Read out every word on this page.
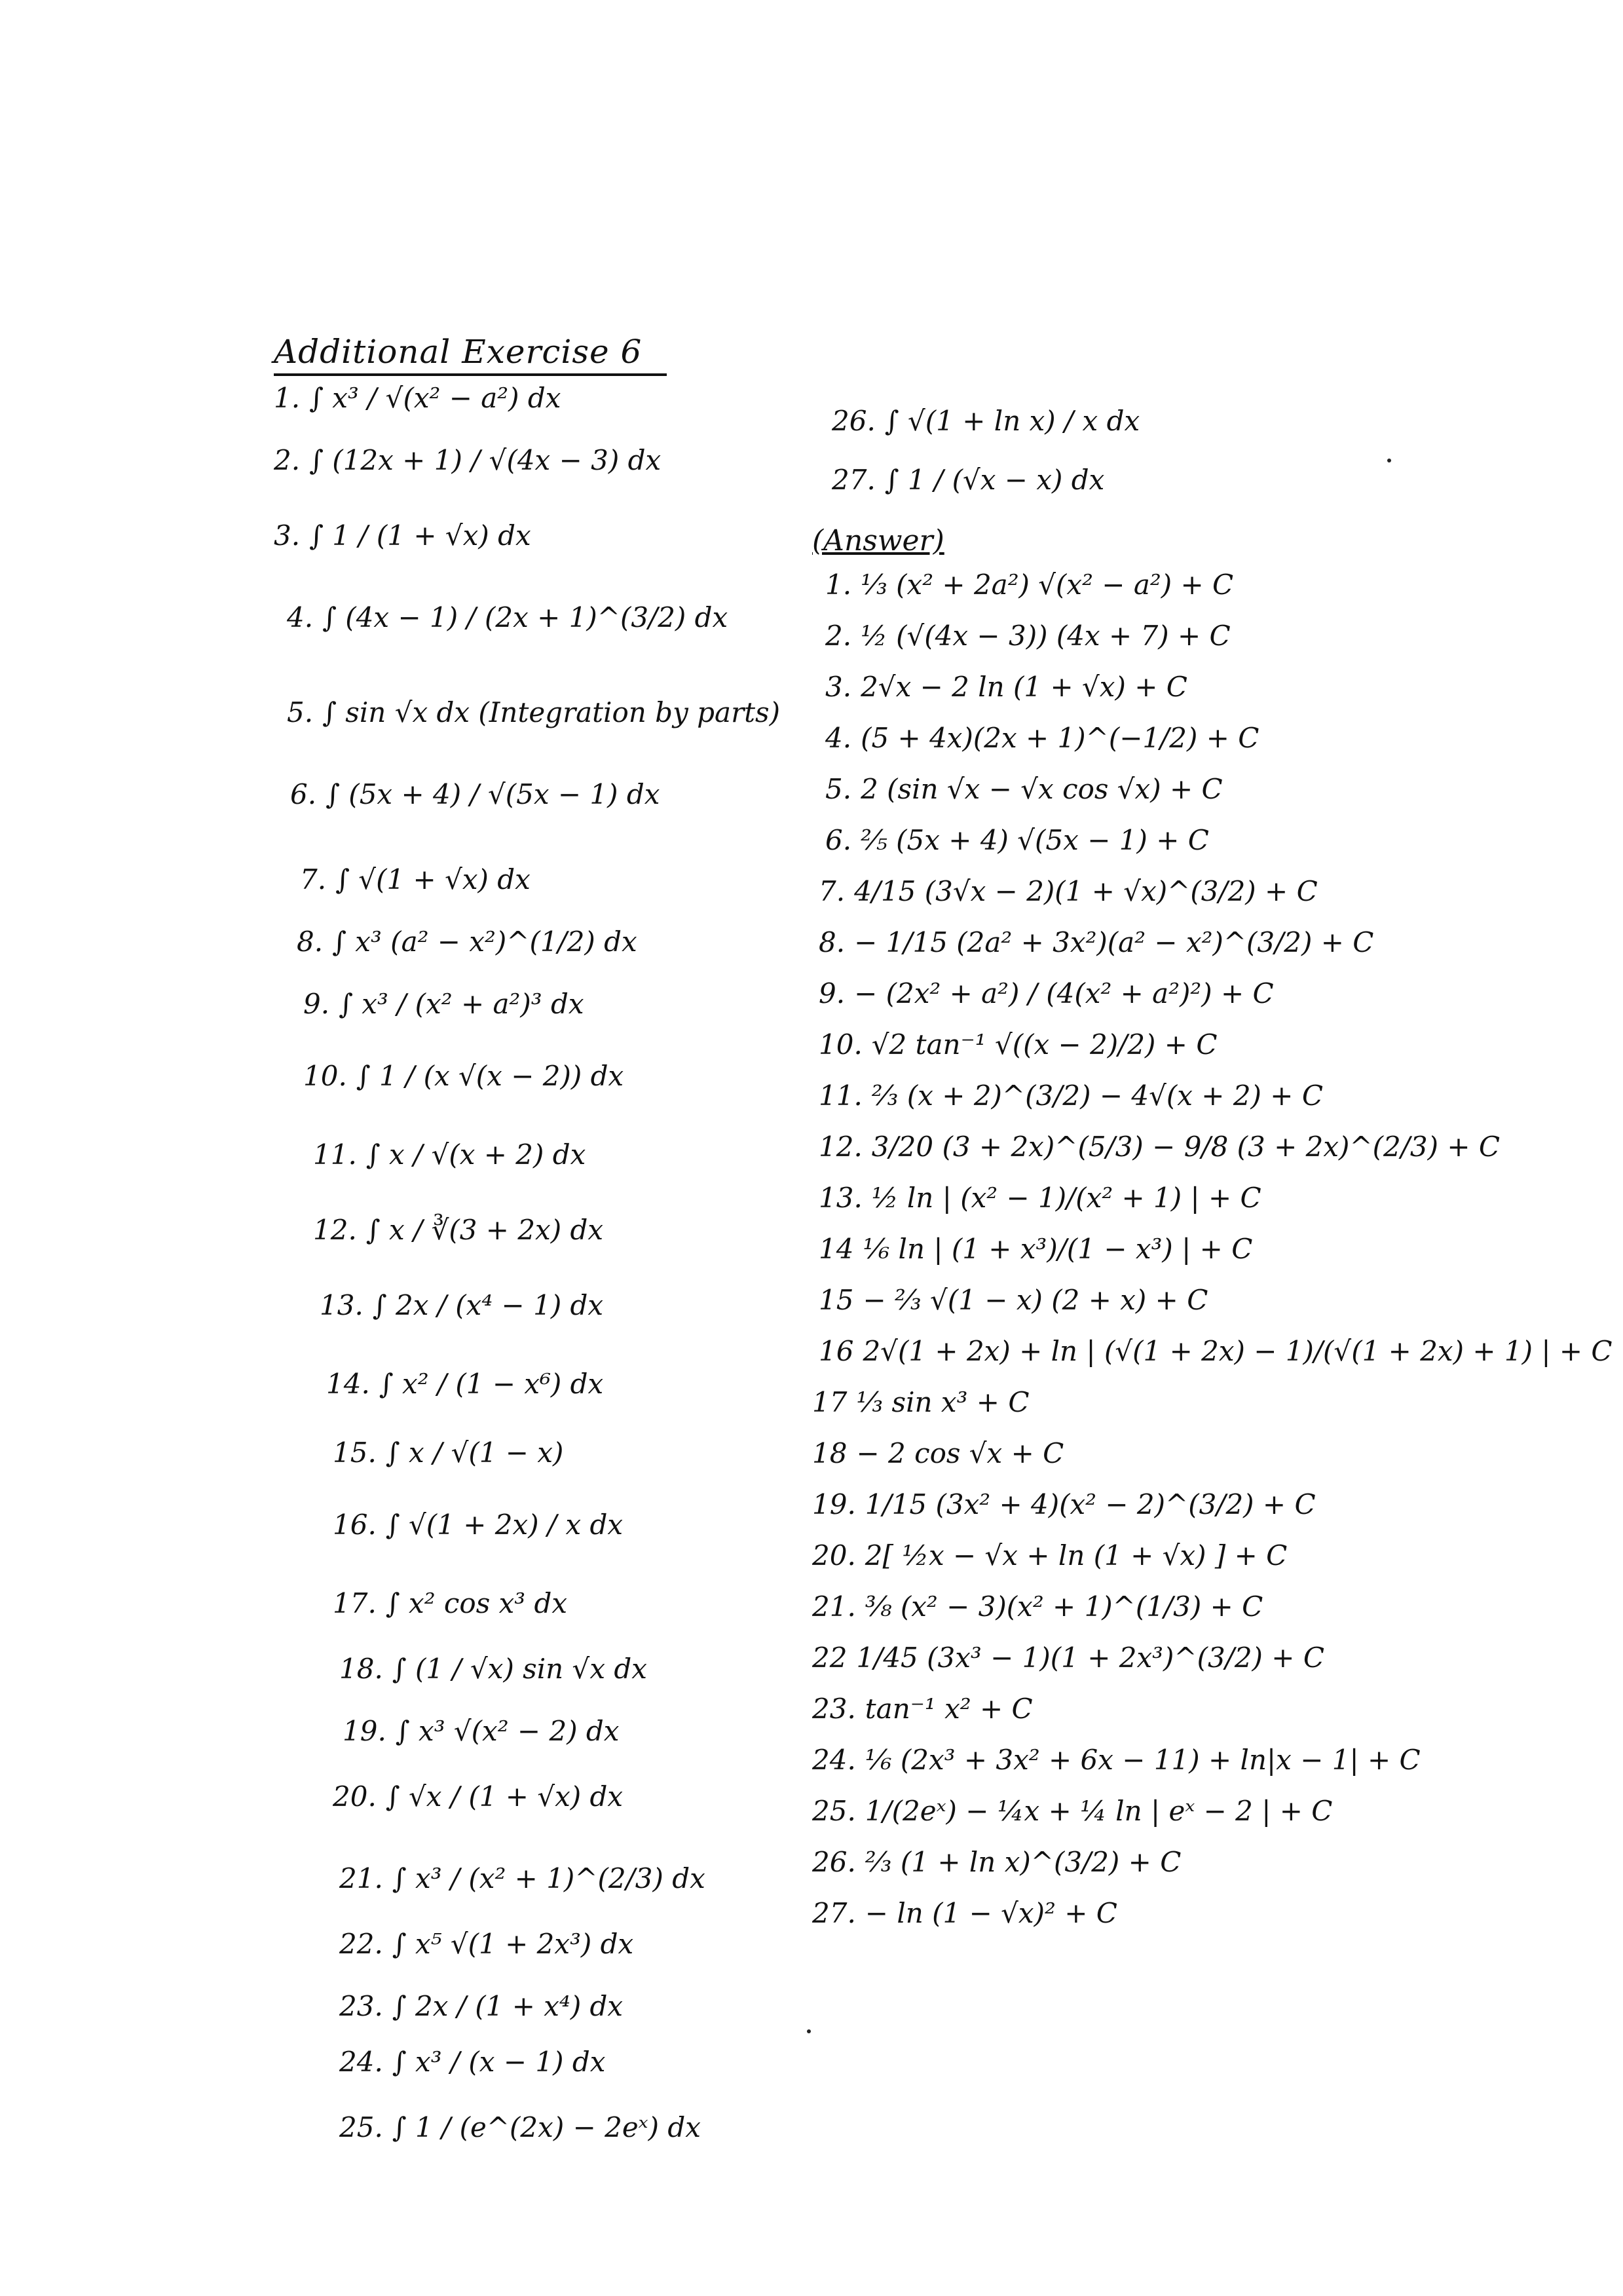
Additional Exercise 6
1. ∫ x³ / √(x² − a²) dx
2. ∫ (12x + 1) / √(4x − 3) dx
3. ∫ 1 / (1 + √x) dx
4. ∫ (4x − 1) / (2x + 1)^(3/2) dx
5. ∫ sin √x dx (Integration by parts)
6. ∫ (5x + 4) / √(5x − 1) dx
7. ∫ √(1 + √x) dx
8. ∫ x³ (a² − x²)^(1/2) dx
9. ∫ x³ / (x² + a²)³ dx
10. ∫ 1 / (x √(x − 2)) dx
11. ∫ x / √(x + 2) dx
12. ∫ x / ∛(3 + 2x) dx
13. ∫ 2x / (x⁴ − 1) dx
14. ∫ x² / (1 − x⁶) dx
15. ∫ x / √(1 − x)
16. ∫ √(1 + 2x) / x dx
17. ∫ x² cos x³ dx
18. ∫ (1 / √x) sin √x dx
19. ∫ x³ √(x² − 2) dx
20. ∫ √x / (1 + √x) dx
21. ∫ x³ / (x² + 1)^(2/3) dx
22. ∫ x⁵ √(1 + 2x³) dx
23. ∫ 2x / (1 + x⁴) dx
24. ∫ x³ / (x − 1) dx
25. ∫ 1 / (e^(2x) − 2eˣ) dx
(Answer)
26. ∫ √(1 + ln x) / x dx
27. ∫ 1 / (√x − x) dx
1. ⅓ (x² + 2a²) √(x² − a²) + C
2. ½ (√(4x − 3)) (4x + 7) + C
3. 2√x − 2 ln (1 + √x) + C
4. (5 + 4x)(2x + 1)^(−1/2) + C
5. 2 (sin √x − √x cos √x) + C
6. ⅖ (5x + 4) √(5x − 1) + C
7. 4/15 (3√x − 2)(1 + √x)^(3/2) + C
8. − 1/15 (2a² + 3x²)(a² − x²)^(3/2) + C
9. − (2x² + a²) / (4(x² + a²)²) + C
10. √2 tan⁻¹ √((x − 2)/2) + C
11. ⅔ (x + 2)^(3/2) − 4√(x + 2) + C
12. 3/20 (3 + 2x)^(5/3) − 9/8 (3 + 2x)^(2/3) + C
13. ½ ln | (x² − 1)/(x² + 1) | + C
14 ⅙ ln | (1 + x³)/(1 − x³) | + C
15 − ⅔ √(1 − x) (2 + x) + C
16 2√(1 + 2x) + ln | (√(1 + 2x) − 1)/(√(1 + 2x) + 1) | + C
17 ⅓ sin x³ + C
18 − 2 cos √x + C
19. 1/15 (3x² + 4)(x² − 2)^(3/2) + C
20. 2[ ½x − √x + ln (1 + √x) ] + C
21. ⅜ (x² − 3)(x² + 1)^(1/3) + C
22 1/45 (3x³ − 1)(1 + 2x³)^(3/2) + C
23. tan⁻¹ x² + C
24. ⅙ (2x³ + 3x² + 6x − 11) + ln|x − 1| + C
25. 1/(2eˣ) − ¼x + ¼ ln | eˣ − 2 | + C
26. ⅔ (1 + ln x)^(3/2) + C
27. − ln (1 − √x)² + C
